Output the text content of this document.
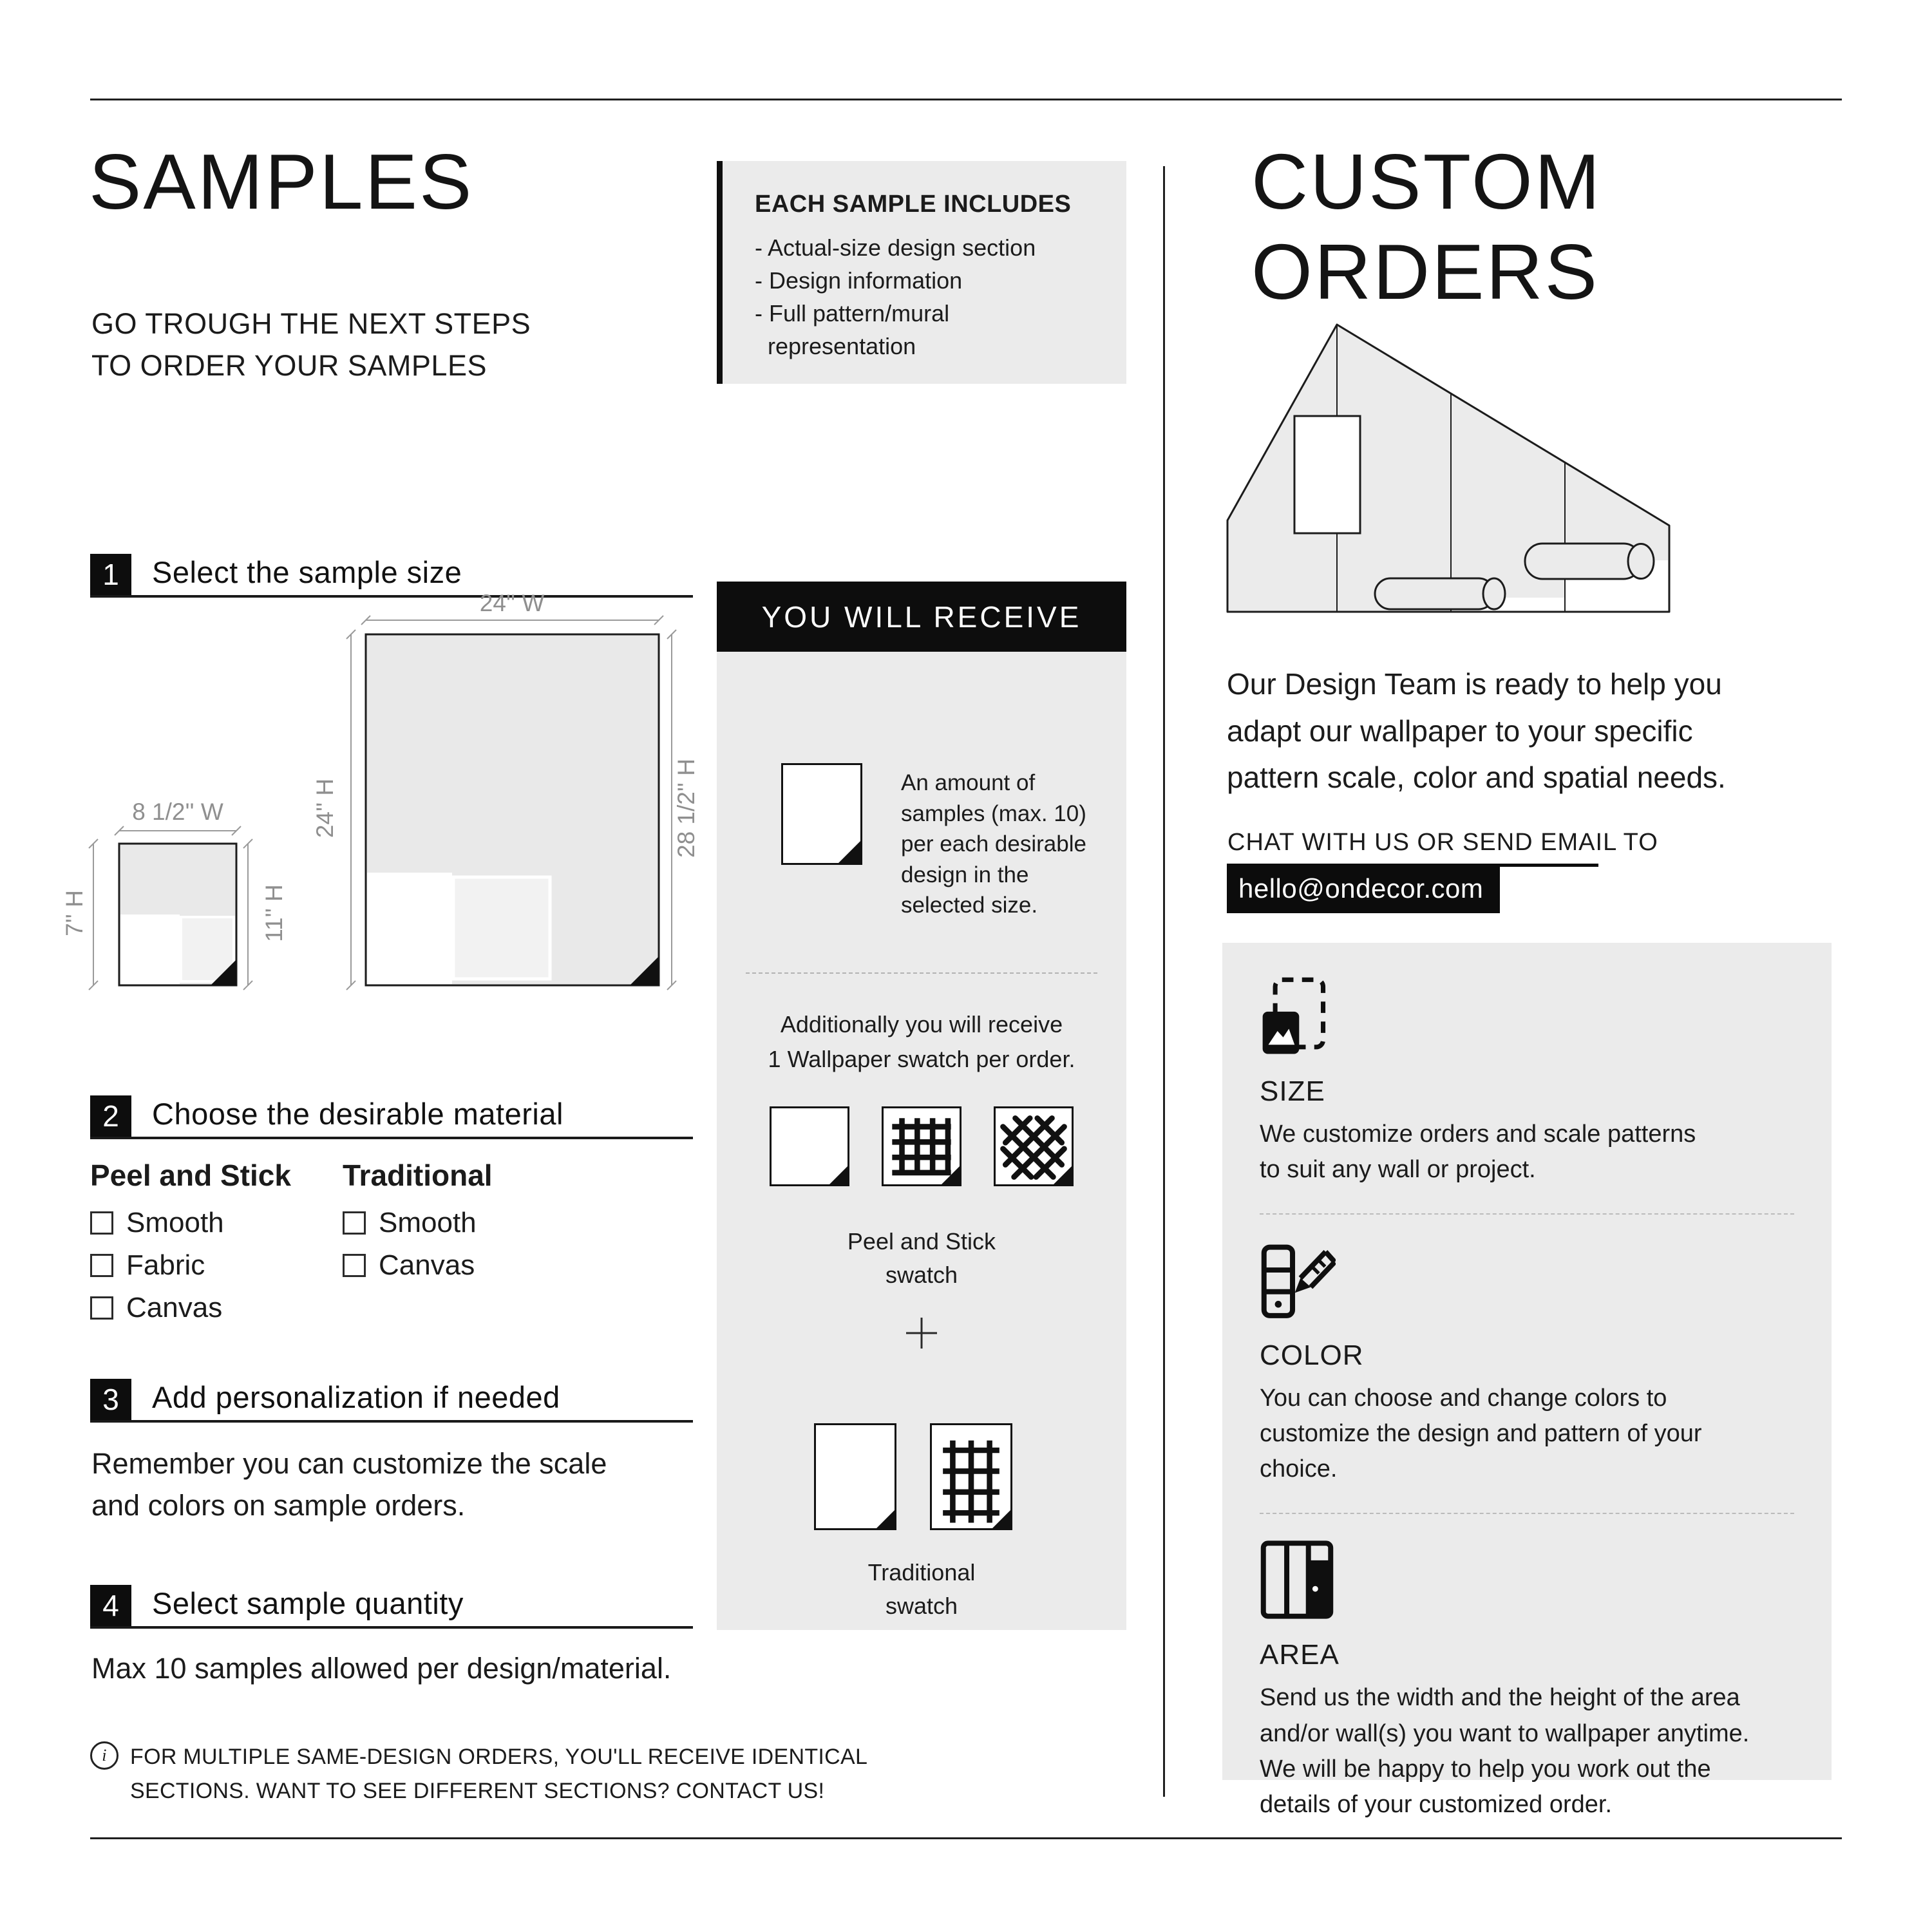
SAMPLES
GO TROUGH THE NEXT STEPS
TO ORDER YOUR SAMPLES
1	Select the sample size
24'' W
24'' H	28 1/2'' H
8 1/2'' W
7'' H	11'' H
2	Choose the desirable material
Peel and Stick
Smooth
Fabric
Canvas
Traditional
Smooth
Canvas
3	Add personalization if needed
Remember you can customize the scale
and colors on sample orders.
4	Select sample quantity
Max 10 samples allowed per design/material.
i	FOR MULTIPLE SAME-DESIGN ORDERS, YOU'LL RECEIVE IDENTICAL
SECTIONS. WANT TO SEE DIFFERENT SECTIONS? CONTACT US!
EACH SAMPLE INCLUDES
- Actual-size design section
- Design information
- Full pattern/mural
representation
YOU WILL RECEIVE
An amount of
samples (max. 10)
per each desirable
design in the
selected size.
Additionally you will receive
1 Wallpaper swatch per order.
Peel and Stick
swatch
Traditional
swatch
CUSTOM ORDERS
Our Design Team is ready to help you
adapt our wallpaper to your specific
pattern scale, color and spatial needs.
CHAT WITH US OR SEND EMAIL TO
hello@ondecor.com
SIZE
We customize orders and scale patterns
to suit any wall or project.
COLOR
You can choose and change colors to
customize the design and pattern of your
choice.
AREA
Send us the width and the height of the area
and/or wall(s) you want to wallpaper anytime.
We will be happy to help you work out the
details of your customized order.
